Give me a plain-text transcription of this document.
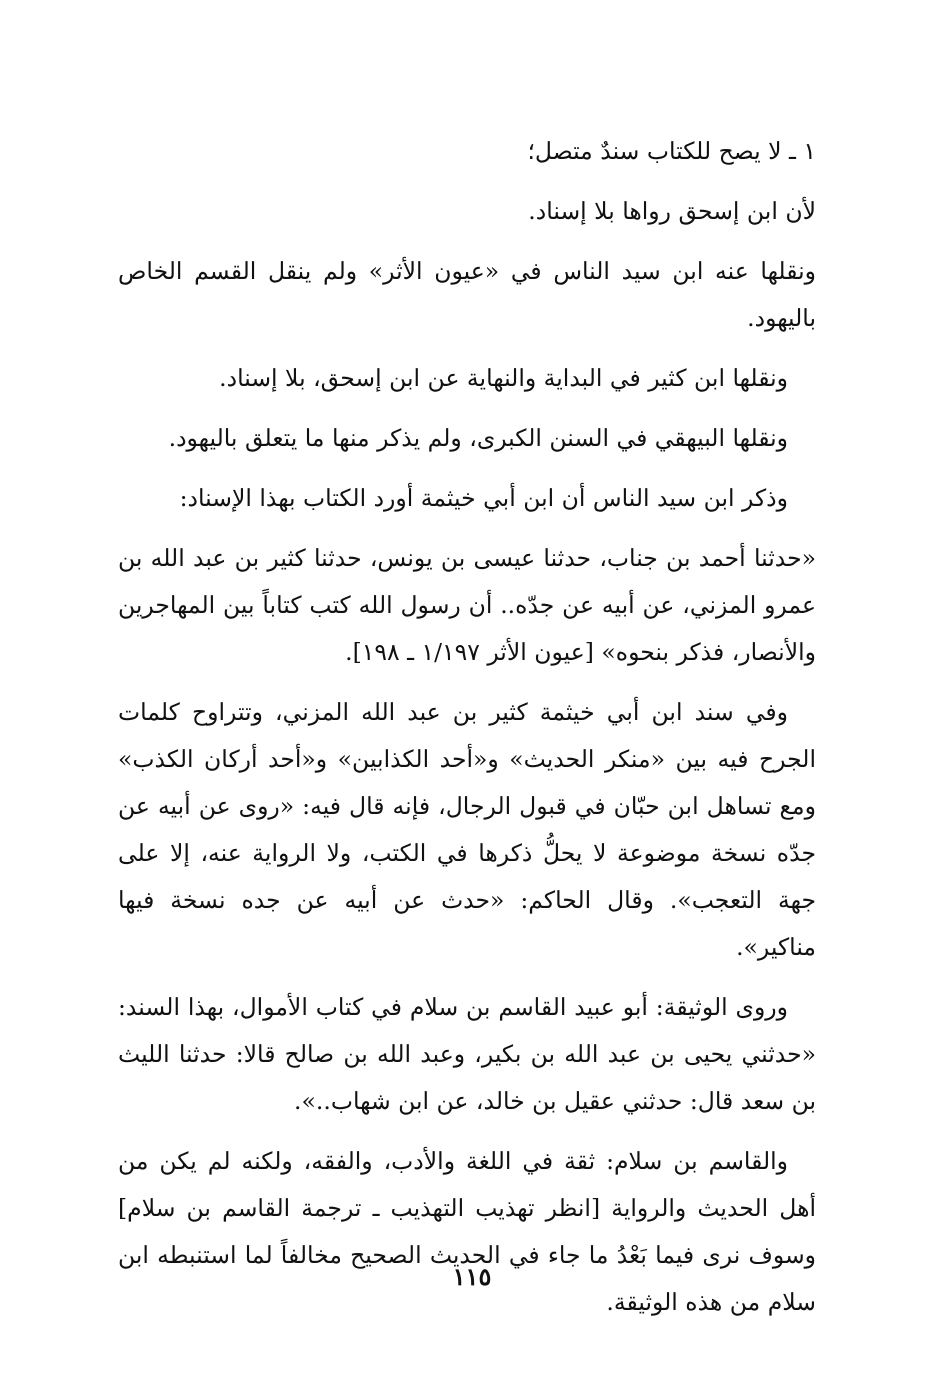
١ ـ لا يصح للكتاب سندٌ متصل؛

لأن ابن إسحق رواها بلا إسناد.

ونقلها عنه ابن سيد الناس في «عيون الأثر» ولم ينقل القسم الخاص باليهود.

ونقلها ابن كثير في البداية والنهاية عن ابن إسحق، بلا إسناد.

ونقلها البيهقي في السنن الكبرى، ولم يذكر منها ما يتعلق باليهود.

وذكر ابن سيد الناس أن ابن أبي خيثمة أورد الكتاب بهذا الإسناد:

«حدثنا أحمد بن جناب، حدثنا عيسى بن يونس، حدثنا كثير بن عبد الله بن عمرو المزني، عن أبيه عن جدّه.. أن رسول الله كتب كتاباً بين المهاجرين والأنصار، فذكر بنحوه» [عيون الأثر ١/١٩٧ ـ ١٩٨].

وفي سند ابن أبي خيثمة كثير بن عبد الله المزني، وتتراوح كلمات الجرح فيه بين «منكر الحديث» و«أحد الكذابين» و«أحد أركان الكذب» ومع تساهل ابن حبّان في قبول الرجال، فإنه قال فيه: «روى عن أبيه عن جدّه نسخة موضوعة لا يحلُّ ذكرها في الكتب، ولا الرواية عنه، إلا على جهة التعجب». وقال الحاكم: «حدث عن أبيه عن جده نسخة فيها مناكير».

وروى الوثيقة: أبو عبيد القاسم بن سلام في كتاب الأموال، بهذا السند: «حدثني يحيى بن عبد الله بن بكير، وعبد الله بن صالح قالا: حدثنا الليث بن سعد قال: حدثني عقيل بن خالد، عن ابن شهاب..».

والقاسم بن سلام: ثقة في اللغة والأدب، والفقه، ولكنه لم يكن من أهل الحديث والرواية [انظر تهذيب التهذيب ـ ترجمة القاسم بن سلام] وسوف نرى فيما بَعْدُ ما جاء في الحديث الصحيح مخالفاً لما استنبطه ابن سلام من هذه الوثيقة.

١١٥
